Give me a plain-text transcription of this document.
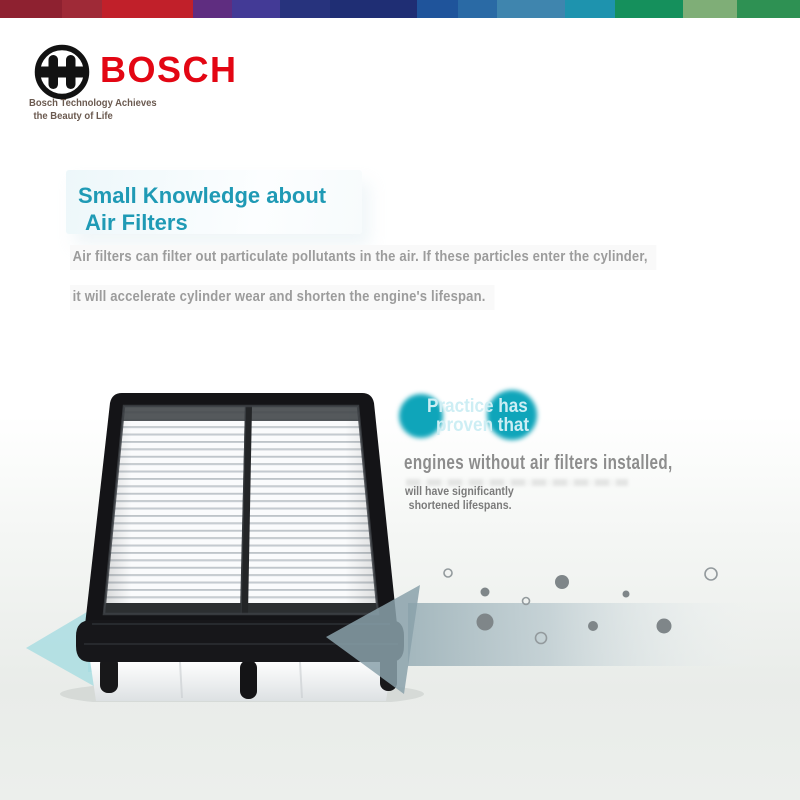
BOSCH
Bosch Technology Achieves
the Beauty of Life
Small Knowledge about
Air Filters
Air filters can filter out particulate pollutants in the air. If these particles enter the cylinder,
it will accelerate cylinder wear and shorten the engine's lifespan.
Practice has
proven that
engines without air filters installed,
will have significantly
shortened lifespans.
